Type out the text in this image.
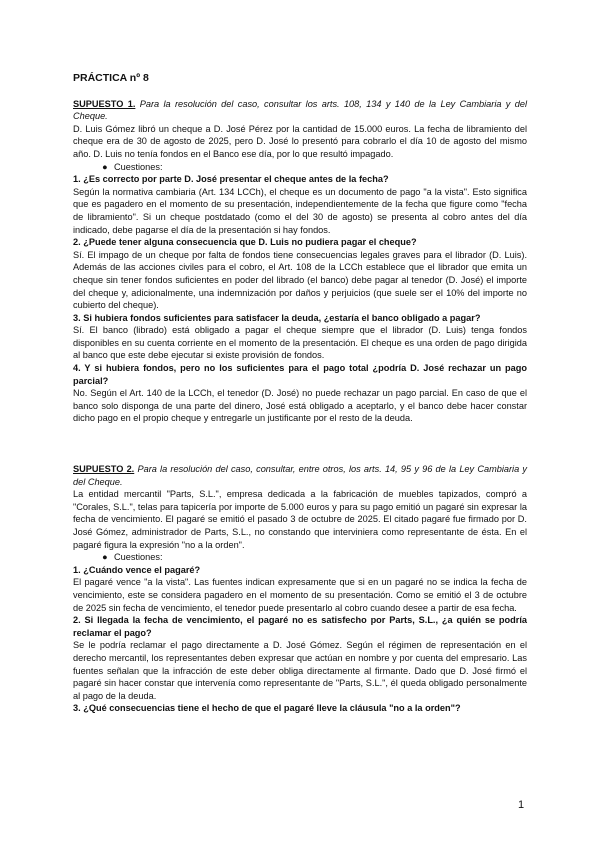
PRÁCTICA nº 8

SUPUESTO 1. Para la resolución del caso, consultar los arts. 108, 134 y 140 de la Ley Cambiaria y del Cheque.

D. Luis Gómez libró un cheque a D. José Pérez por la cantidad de 15.000 euros. La fecha de libramiento del cheque era de 30 de agosto de 2025, pero D. José lo presentó para cobrarlo el día 10 de agosto del mismo año. D. Luis no tenía fondos en el Banco ese día, por lo que resultó impagado.

● Cuestiones:

1. ¿Es correcto por parte D. José presentar el cheque antes de la fecha?

Según la normativa cambiaria (Art. 134 LCCh), el cheque es un documento de pago "a la vista". Esto significa que es pagadero en el momento de su presentación, independientemente de la fecha que figure como "fecha de libramiento". Si un cheque postdatado (como el del 30 de agosto) se presenta al cobro antes del día indicado, debe pagarse el día de la presentación si hay fondos.

2. ¿Puede tener alguna consecuencia que D. Luis no pudiera pagar el cheque?

Sí. El impago de un cheque por falta de fondos tiene consecuencias legales graves para el librador (D. Luis). Además de las acciones civiles para el cobro, el Art. 108 de la LCCh establece que el librador que emita un cheque sin tener fondos suficientes en poder del librado (el banco) debe pagar al tenedor (D. José) el importe del cheque y, adicionalmente, una indemnización por daños y perjuicios (que suele ser el 10% del importe no cubierto del cheque).

3. Si hubiera fondos suficientes para satisfacer la deuda, ¿estaría el banco obligado a pagar?

Sí. El banco (librado) está obligado a pagar el cheque siempre que el librador (D. Luis) tenga fondos disponibles en su cuenta corriente en el momento de la presentación. El cheque es una orden de pago dirigida al banco que este debe ejecutar si existe provisión de fondos.

4. Y si hubiera fondos, pero no los suficientes para el pago total ¿podría D. José rechazar un pago parcial?

No. Según el Art. 140 de la LCCh, el tenedor (D. José) no puede rechazar un pago parcial. En caso de que el banco solo disponga de una parte del dinero, José está obligado a aceptarlo, y el banco debe hacer constar dicho pago en el propio cheque y entregarle un justificante por el resto de la deuda.

SUPUESTO 2. Para la resolución del caso, consultar, entre otros, los arts. 14, 95 y 96 de la Ley Cambiaria y del Cheque.

La entidad mercantil "Parts, S.L.", empresa dedicada a la fabricación de muebles tapizados, compró a "Corales, S.L.", telas para tapicería por importe de 5.000 euros y para su pago emitió un pagaré sin expresar la fecha de vencimiento. El pagaré se emitió el pasado 3 de octubre de 2025. El citado pagaré fue firmado por D. José Gómez, administrador de Parts, S.L., no constando que interviniera como representante de ésta. En el pagaré figura la expresión "no a la orden".

● Cuestiones:

1. ¿Cuándo vence el pagaré?

El pagaré vence "a la vista". Las fuentes indican expresamente que si en un pagaré no se indica la fecha de vencimiento, este se considera pagadero en el momento de su presentación. Como se emitió el 3 de octubre de 2025 sin fecha de vencimiento, el tenedor puede presentarlo al cobro cuando desee a partir de esa fecha.

2. Si llegada la fecha de vencimiento, el pagaré no es satisfecho por Parts, S.L., ¿a quién se podría reclamar el pago?

Se le podría reclamar el pago directamente a D. José Gómez. Según el régimen de representación en el derecho mercantil, los representantes deben expresar que actúan en nombre y por cuenta del empresario. Las fuentes señalan que la infracción de este deber obliga directamente al firmante. Dado que D. José firmó el pagaré sin hacer constar que intervenía como representante de "Parts, S.L.", él queda obligado personalmente al pago de la deuda.

3. ¿Qué consecuencias tiene el hecho de que el pagaré lleve la cláusula "no a la orden"?

1
